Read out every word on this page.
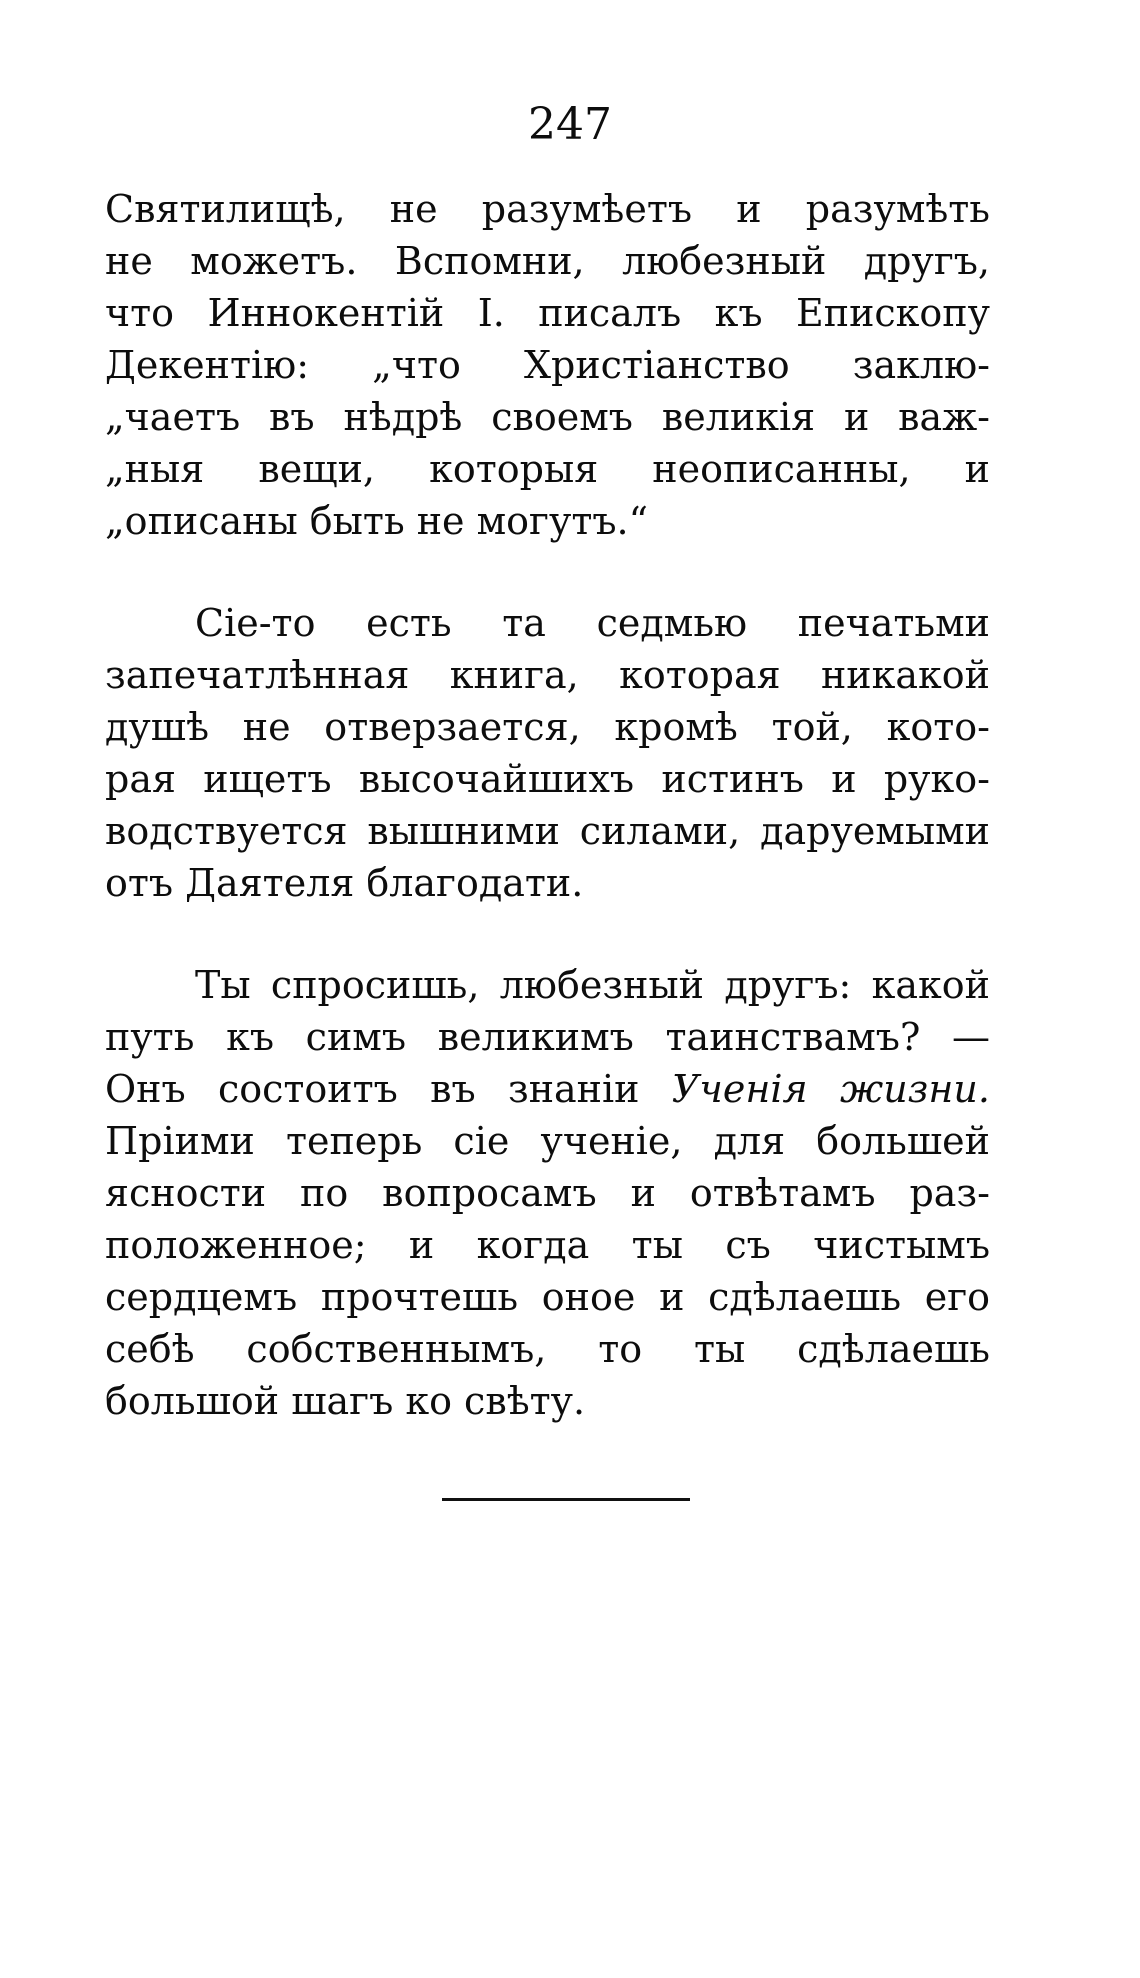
247
Святилищѣ, не разумѣетъ и разумѣть
не можетъ. Вспомни, любезный другъ,
что Иннокентій I. писалъ къ Епископу
Декентію: „что Христіанство заклю-
„чаетъ въ нѣдрѣ своемъ великія и важ-
„ныя вещи, которыя неописанны, и
„описаны быть не могутъ.“
Сіе-то есть та седмью печатьми
запечатлѣнная книга, которая никакой
душѣ не отверзается, кромѣ той, кото-
рая ищетъ высочайшихъ истинъ и руко-
водствуется вышними силами, даруемыми
отъ Даятеля благодати.
Ты спросишь, любезный другъ: какой
путь къ симъ великимъ таинствамъ? —
Онъ состоитъ въ знаніи Ученія жизни.
Пріими теперь сіе ученіе, для большей
ясности по вопросамъ и отвѣтамъ раз-
положенное; и когда ты съ чистымъ
сердцемъ прочтешь оное и сдѣлаешь его
себѣ собственнымъ, то ты сдѣлаешь
большой шагъ ко свѣту.
